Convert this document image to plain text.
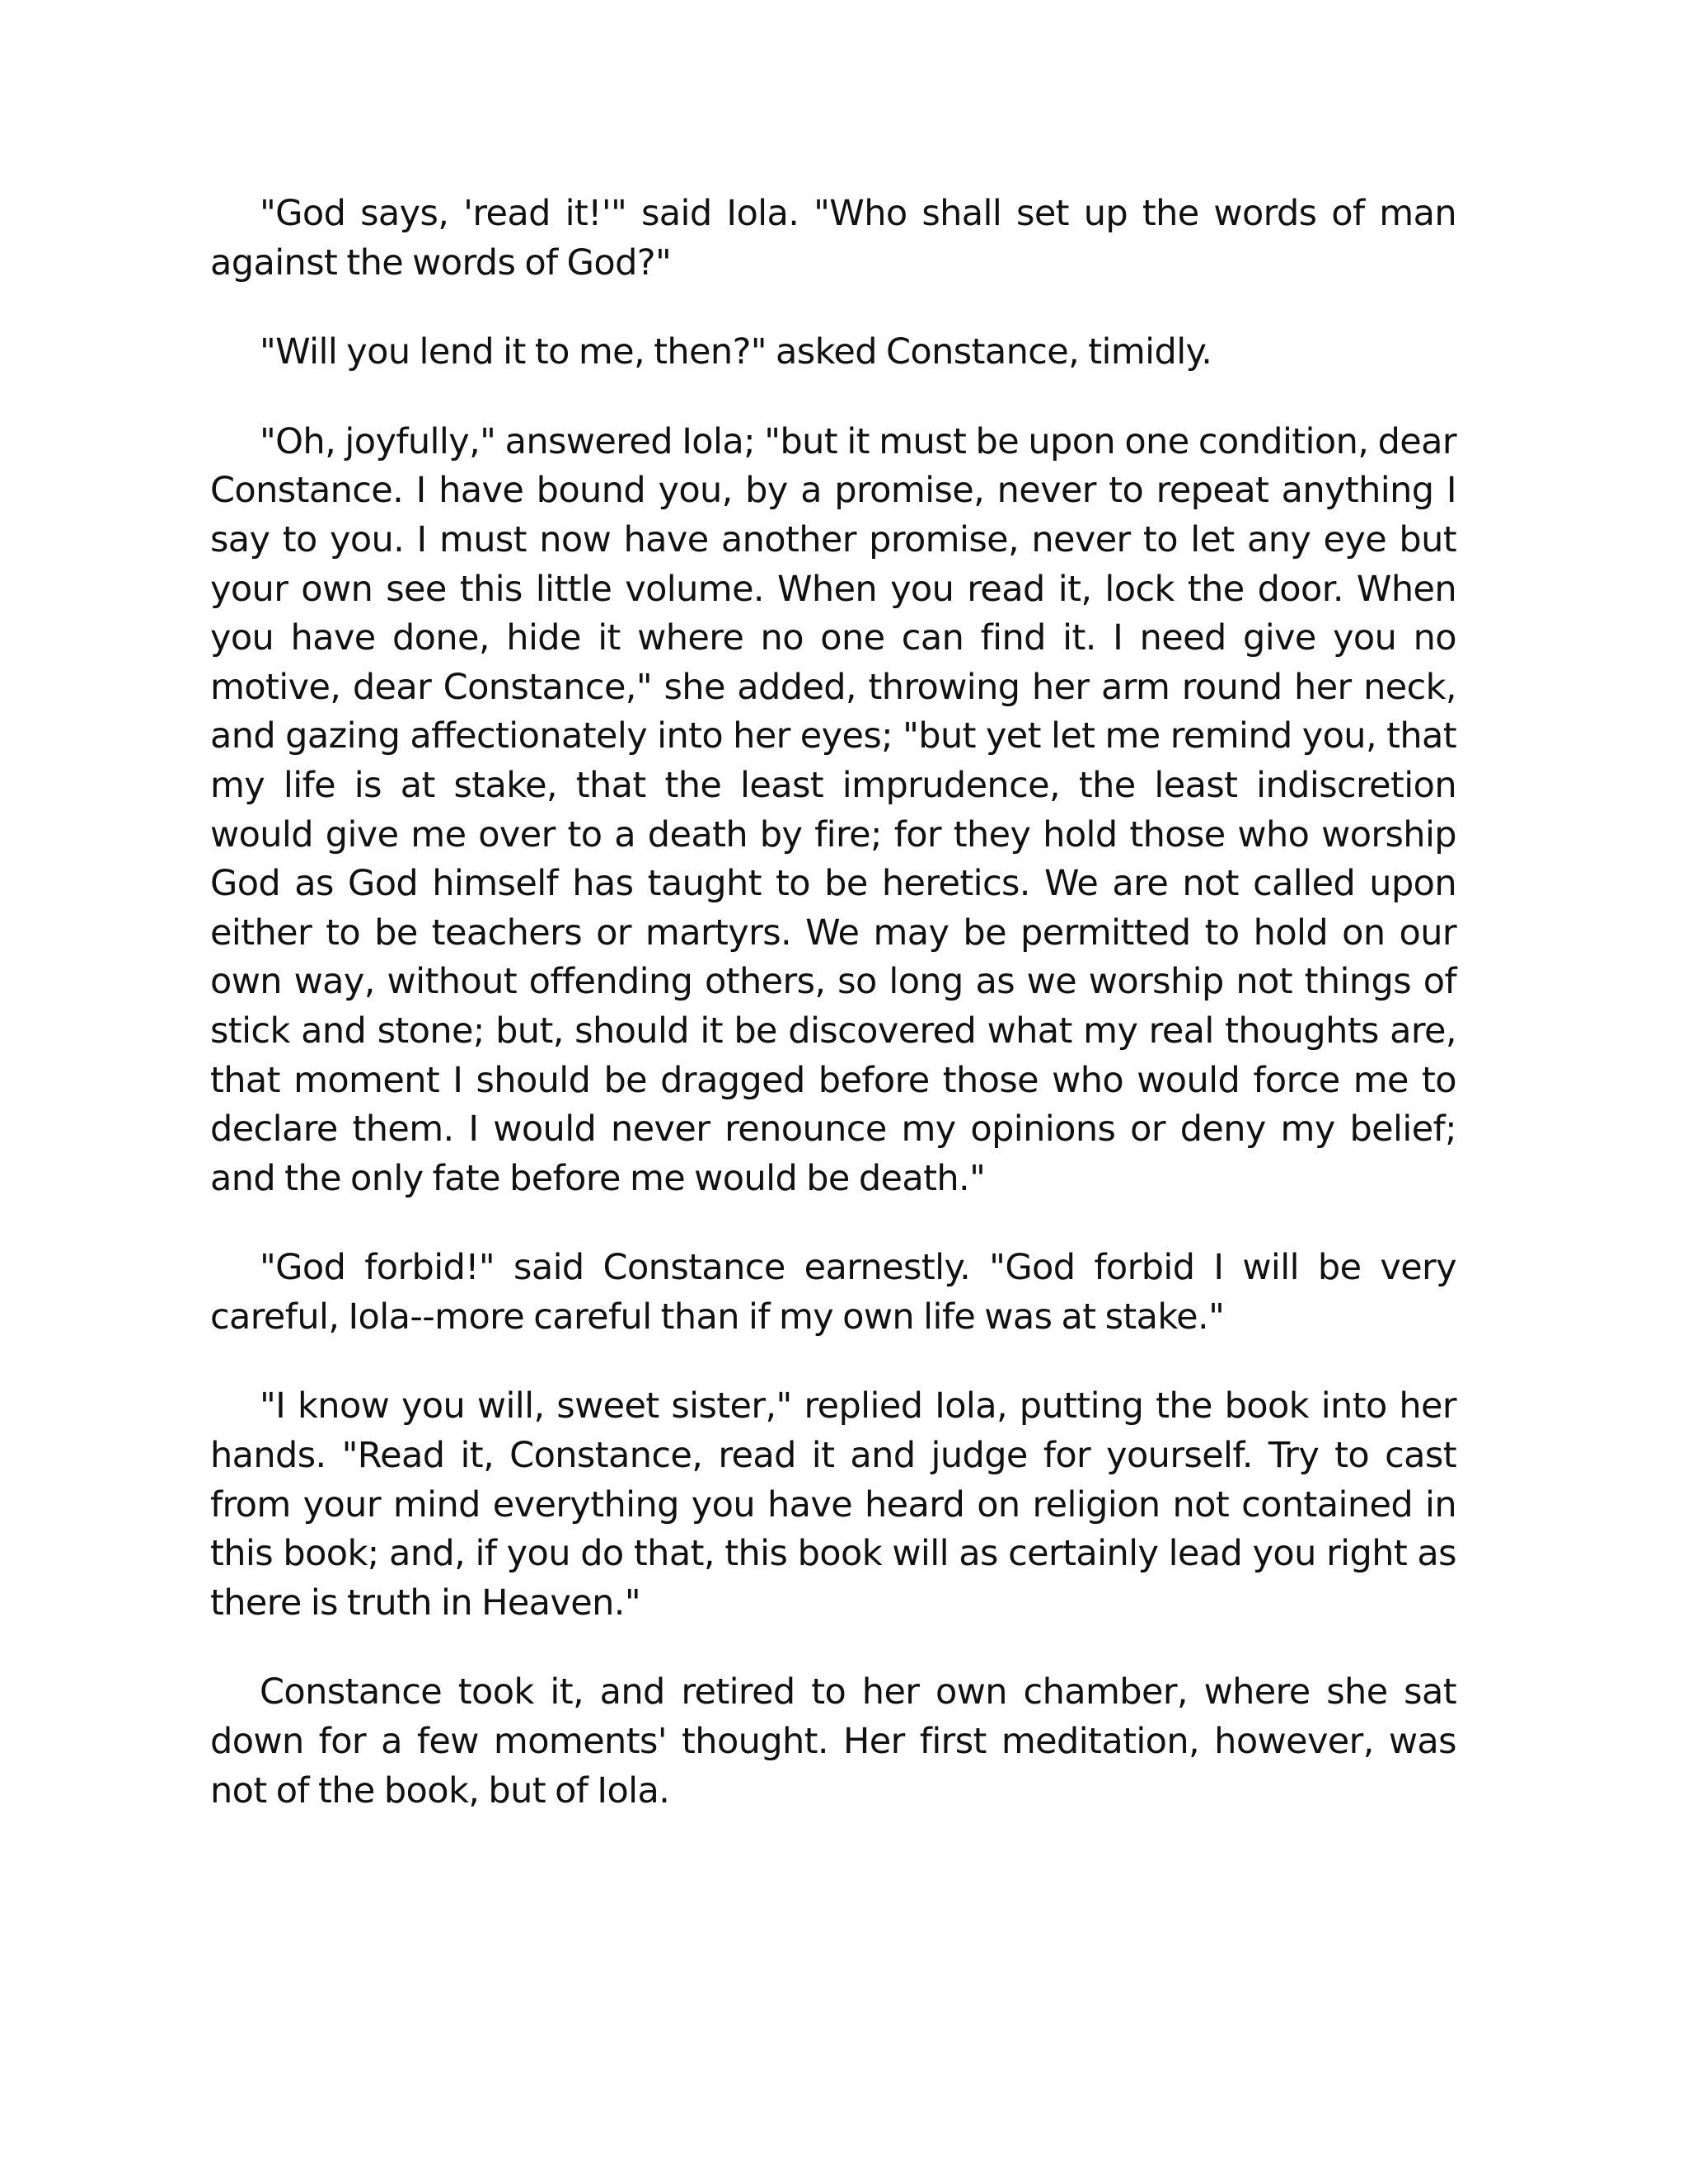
"God says, 'read it!'" said Iola. "Who shall set up the words of man against the words of God?"

"Will you lend it to me, then?" asked Constance, timidly.

"Oh, joyfully," answered Iola; "but it must be upon one condition, dear Constance. I have bound you, by a promise, never to repeat anything I say to you. I must now have another promise, never to let any eye but your own see this little volume. When you read it, lock the door. When you have done, hide it where no one can find it. I need give you no motive, dear Constance," she added, throwing her arm round her neck, and gazing affectionately into her eyes; "but yet let me remind you, that my life is at stake, that the least imprudence, the least indiscretion would give me over to a death by fire; for they hold those who worship God as God himself has taught to be heretics. We are not called upon either to be teachers or martyrs. We may be permitted to hold on our own way, without offending others, so long as we worship not things of stick and stone; but, should it be discovered what my real thoughts are, that moment I should be dragged before those who would force me to declare them. I would never renounce my opinions or deny my belief; and the only fate before me would be death."

"God forbid!" said Constance earnestly. "God forbid I will be very careful, Iola--more careful than if my own life was at stake."

"I know you will, sweet sister," replied Iola, putting the book into her hands. "Read it, Constance, read it and judge for yourself. Try to cast from your mind everything you have heard on religion not contained in this book; and, if you do that, this book will as certainly lead you right as there is truth in Heaven."

Constance took it, and retired to her own chamber, where she sat down for a few moments' thought. Her first meditation, however, was not of the book, but of Iola.
